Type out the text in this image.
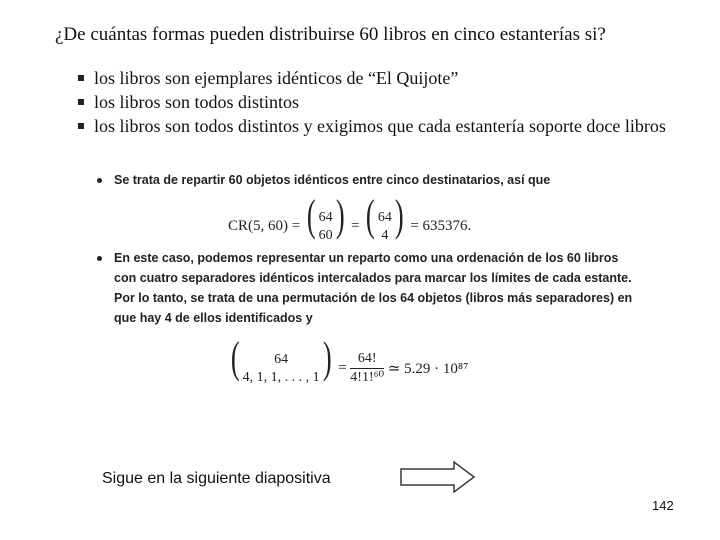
¿De cuántas formas pueden distribuirse 60 libros en cinco estanterías si?
los libros son ejemplares idénticos de “El Quijote”
los libros son todos distintos
los libros son todos distintos y exigimos que cada estantería soporte doce libros
Se trata de repartir 60 objetos idénticos entre cinco destinatarios, así que
CR(5, 60) = ( 64
60 ) = ( 64
4 ) = 635376.
En este caso, podemos representar un reparto como una ordenación de los 60 libros
con cuatro separadores idénticos intercalados para marcar los límites de cada estante.
Por lo tanto, se trata de una permutación de los 64 objetos (libros más separadores) en
que hay 4 de ellos identificados y
(	64
4, 1, 1, . . . , 1 ) = $\frac{64!}{\text{4!1!⁶⁰}}$ ≃ 5.29 · 10⁸⁷
Sigue en la siguiente diapositiva
142
